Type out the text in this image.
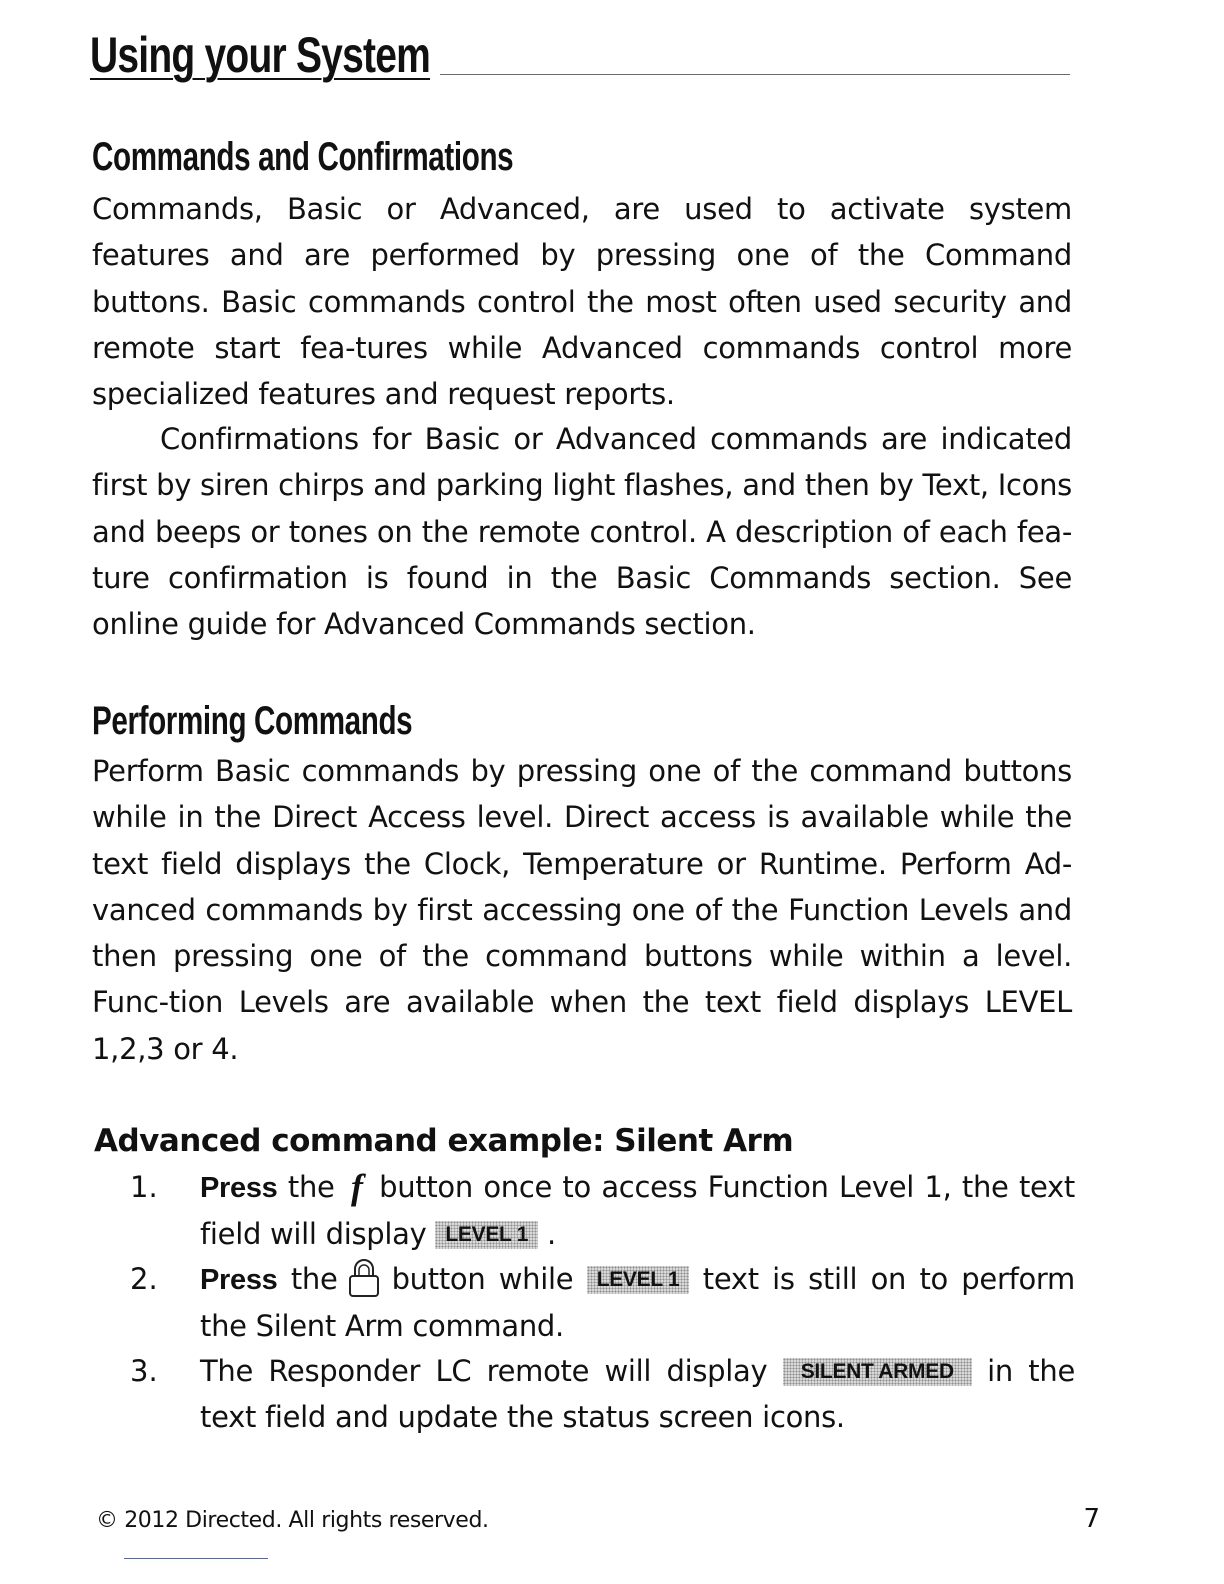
Using your System
Commands and Confirmations

Commands, Basic or Advanced, are used to activate system features and are performed by pressing one of the Command buttons. Basic commands control the most often used security and remote start fea-tures while Advanced commands control more specialized features and request reports.

Confirmations for Basic or Advanced commands are indicated first by siren chirps and parking light flashes, and then by Text, Icons and beeps or tones on the remote control. A description of each fea-ture confirmation is found in the Basic Commands section. See online guide for Advanced Commands section.

Performing Commands

Perform Basic commands by pressing one of the command buttons while in the Direct Access level. Direct access is available while the text field displays the Clock, Temperature or Runtime. Perform Ad-vanced commands by first accessing one of the Function Levels and then pressing one of the command buttons while within a level. Func-tion Levels are available when the text field displays LEVEL 1,2,3 or 4.

Advanced command example: Silent Arm
1.	Press the f button once to access Function Level 1, the text field will display LEVEL 1 .

2.	Press the button while LEVEL 1 text is still on to perform the Silent Arm command.

3.	The Responder LC remote will display SILENT ARMED in the text field and update the status screen icons.

© 2012 Directed. All rights reserved.	7
